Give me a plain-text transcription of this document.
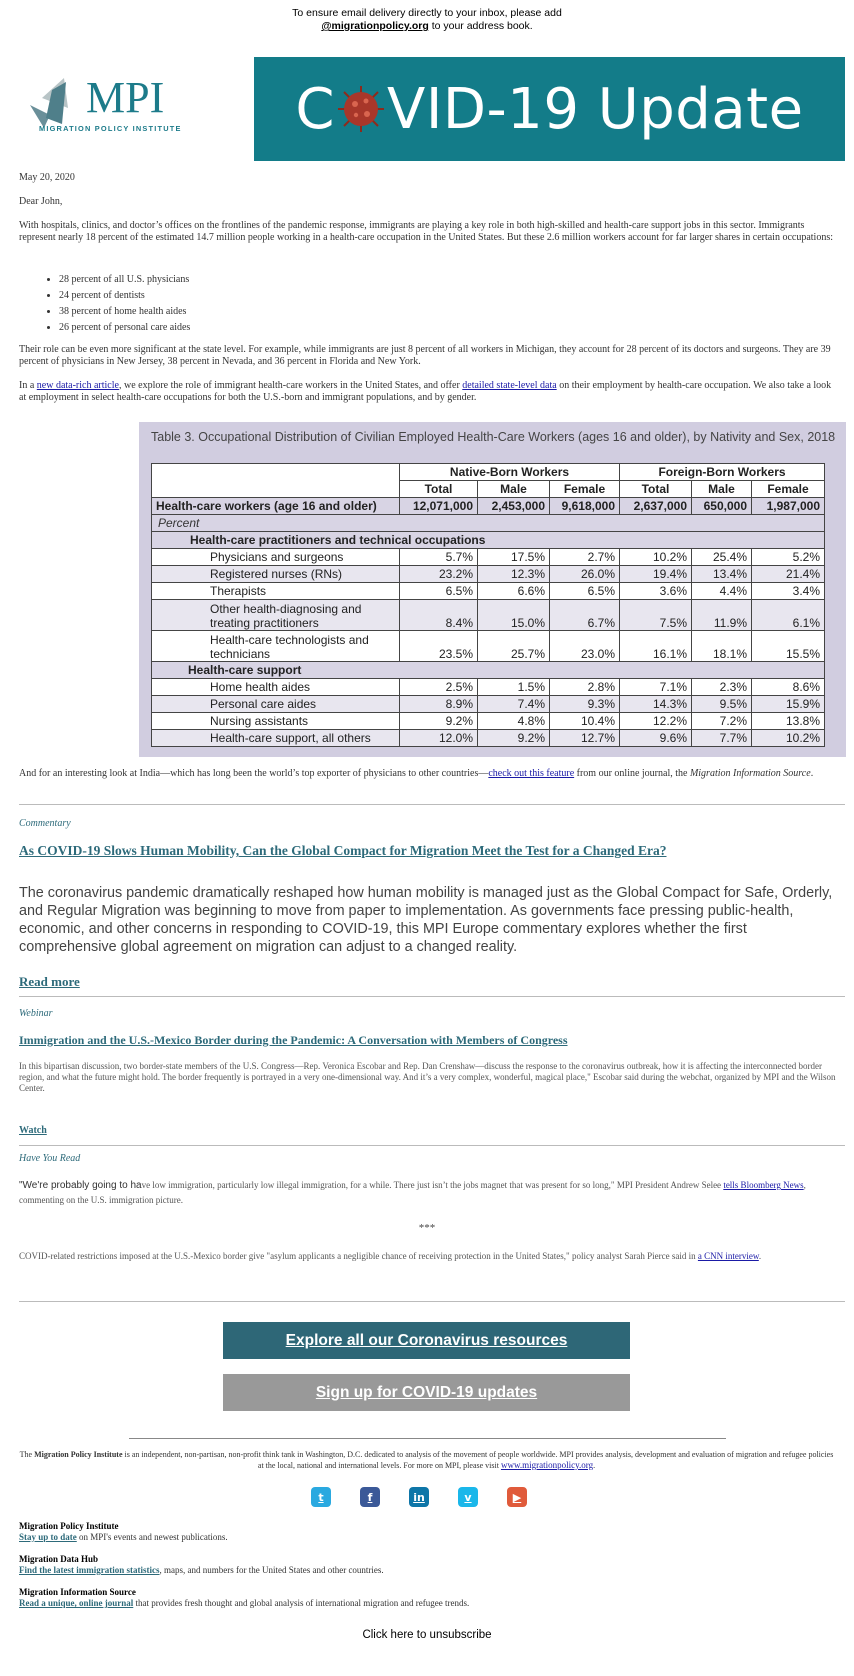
To ensure email delivery directly to your inbox, please add
@migrationpolicy.org to your address book.
MPI
MIGRATION POLICY INSTITUTE C VID-19 Update
May 20, 2020
Dear John,
With hospitals, clinics, and doctor’s offices on the frontlines of the pandemic response, immigrants are playing a key role in both high-skilled and health-care support jobs in this sector. Immigrants represent nearly 18 percent of the estimated 14.7 million people working in a health-care occupation in the United States. But these 2.6 million workers account for far larger shares in certain occupations:
• 28 percent of all U.S. physicians
• 24 percent of dentists
• 38 percent of home health aides
• 26 percent of personal care aides
Their role can be even more significant at the state level. For example, while immigrants are just 8 percent of all workers in Michigan, they account for 28 percent of its doctors and surgeons. They are 39 percent of physicians in New Jersey, 38 percent in Nevada, and 36 percent in Florida and New York.
In a new data-rich article, we explore the role of immigrant health-care workers in the United States, and offer detailed state-level data on their employment by health-care occupation. We also take a look at employment in select health-care occupations for both the U.S.-born and immigrant populations, and by gender.
Table 3. Occupational Distribution of Civilian Employed Health-Care Workers (ages 16 and older), by Nativity and Sex, 2018
	Native-Born Workers			Foreign-Born Workers		
	Total	Male	Female	Total	Male	Female
Health-care workers (age 16 and older)	12,071,000	2,453,000	9,618,000	2,637,000	650,000	1,987,000
Percent						
Health-care practitioners and technical occupations						
Physicians and surgeons	5.7%	17.5%	2.7%	10.2%	25.4%	5.2%
Registered nurses (RNs)	23.2%	12.3%	26.0%	19.4%	13.4%	21.4%
Therapists	6.5%	6.6%	6.5%	3.6%	4.4%	3.4%
Other health-diagnosing and treating practitioners	8.4%	15.0%	6.7%	7.5%	11.9%	6.1%
Health-care technologists and technicians	23.5%	25.7%	23.0%	16.1%	18.1%	15.5%
Health-care support						
Home health aides	2.5%	1.5%	2.8%	7.1%	2.3%	8.6%
Personal care aides	8.9%	7.4%	9.3%	14.3%	9.5%	15.9%
Nursing assistants	9.2%	4.8%	10.4%	12.2%	7.2%	13.8%
Health-care support, all others	12.0%	9.2%	12.7%	9.6%	7.7%	10.2%
And for an interesting look at India—which has long been the world’s top exporter of physicians to other countries—check out this feature from our online journal, the Migration Information Source.
Commentary
As COVID-19 Slows Human Mobility, Can the Global Compact for Migration Meet the Test for a Changed Era?

The coronavirus pandemic dramatically reshaped how human mobility is managed just as the Global Compact for Safe, Orderly, and Regular Migration was beginning to move from paper to implementation. As governments face pressing public-health, economic, and other concerns in responding to COVID-19, this MPI Europe commentary explores whether the first comprehensive global agreement on migration can adjust to a changed reality.

Read more
Webinar
Immigration and the U.S.-Mexico Border during the Pandemic: A Conversation with Members of Congress

In this bipartisan discussion, two border-state members of the U.S. Congress—Rep. Veronica Escobar and Rep. Dan Crenshaw—discuss the response to the coronavirus outbreak, how it is affecting the interconnected border region, and what the future might hold. The border frequently is portrayed in a very one-dimensional way. And it’s a very complex, wonderful, magical place," Escobar said during the webchat, organized by MPI and the Wilson Center.

Watch
Have You Read

"We're probably going to have low immigration, particularly low illegal immigration, for a while. There just isn’t the jobs magnet that was present for so long," MPI President Andrew Selee tells Bloomberg News, commenting on the U.S. immigration picture.

***

COVID-related restrictions imposed at the U.S.-Mexico border give "asylum applicants a negligible chance of receiving protection in the United States," policy analyst Sarah Pierce said in a CNN interview.

Explore all our Coronavirus resources
Sign up for COVID-19 updates

The Migration Policy Institute is an independent, non-partisan, non-profit think tank in Washington, D.C. dedicated to analysis of the movement of people worldwide. MPI provides analysis, development and evaluation of migration and refugee policies at the local, national and international levels. For more on MPI, please visit www.migrationpolicy.org.

t	f	in	v	▶
Migration Policy Institute
Stay up to date on MPI's events and newest publications.
Migration Data Hub
Find the latest immigration statistics, maps, and numbers for the United States and other countries.
Migration Information Source
Read a unique, online journal that provides fresh thought and global analysis of international migration and refugee trends.
Click here to unsubscribe
